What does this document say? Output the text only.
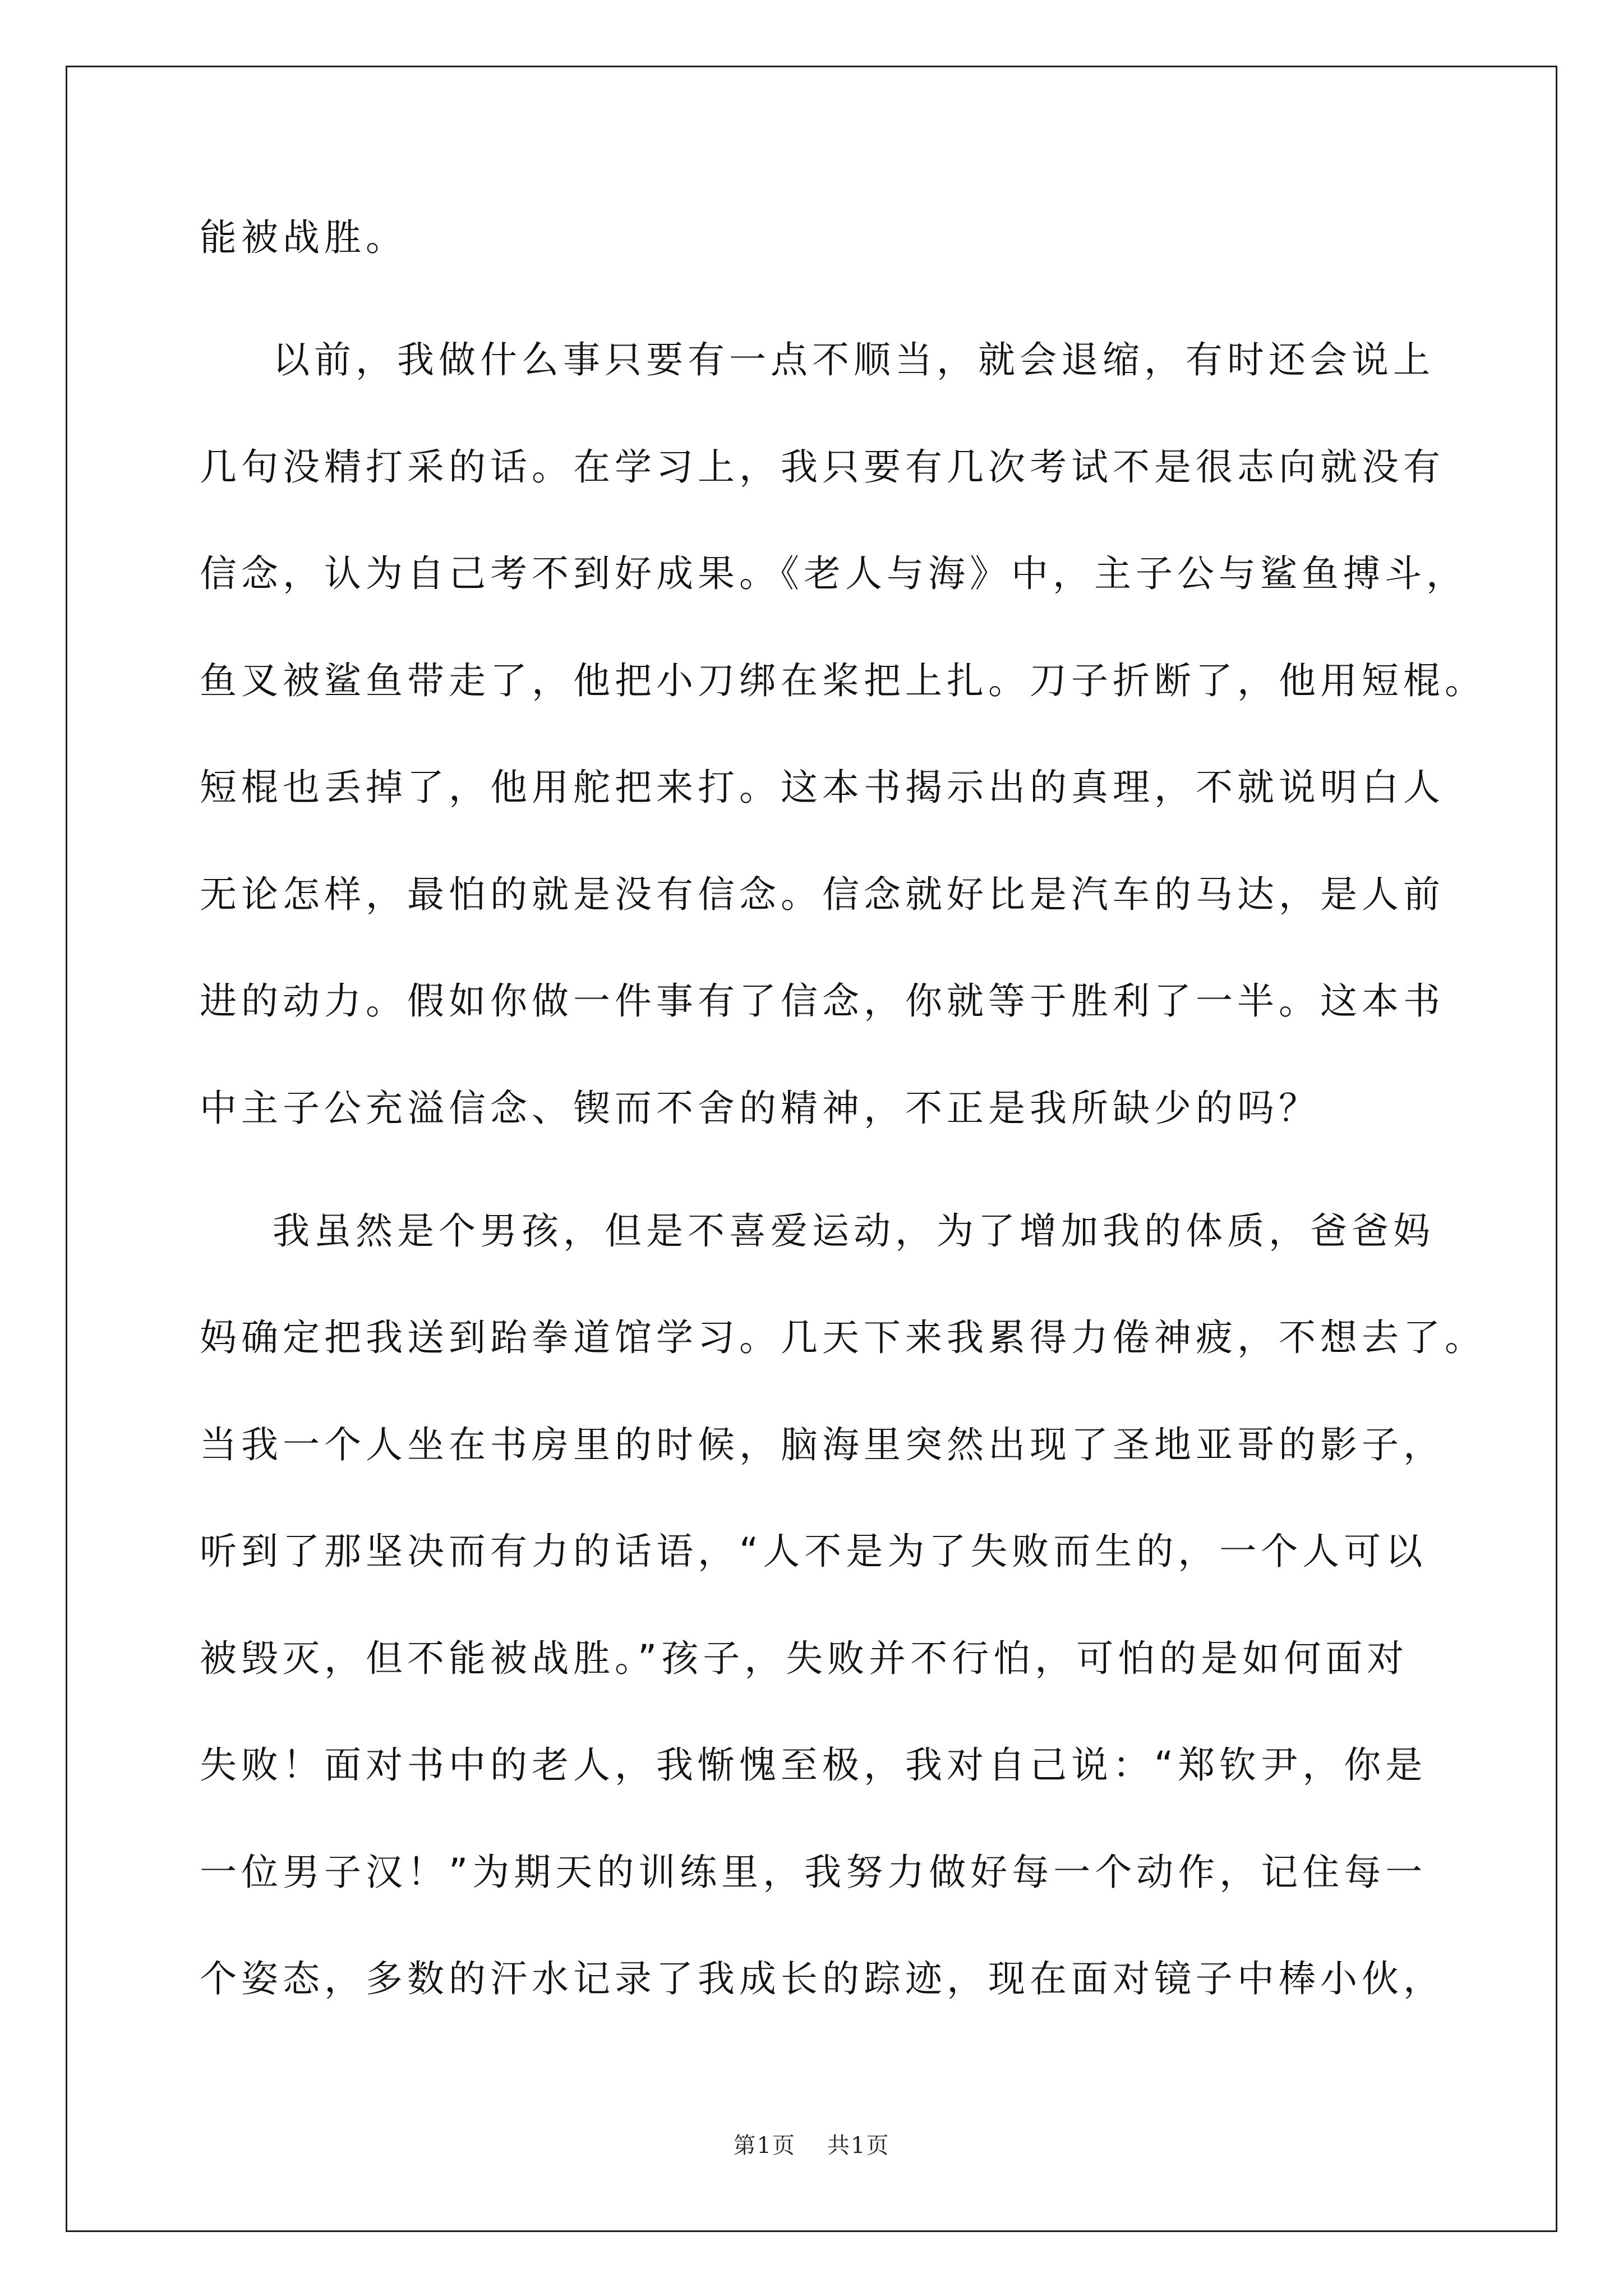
能被战胜。
以前，我做什么事只要有一点不顺当，就会退缩，有时还会说上
几句没精打采的话。在学习上，我只要有几次考试不是很志向就没有
信念，认为自己考不到好成果。《老人与海》中，主子公与鲨鱼搏斗，
鱼叉被鲨鱼带走了，他把小刀绑在桨把上扎。刀子折断了，他用短棍。
短棍也丢掉了，他用舵把来打。这本书揭示出的真理，不就说明白人
无论怎样，最怕的就是没有信念。信念就好比是汽车的马达，是人前
进的动力。假如你做一件事有了信念，你就等于胜利了一半。这本书
中主子公充溢信念、锲而不舍的精神，不正是我所缺少的吗？
我虽然是个男孩，但是不喜爱运动，为了增加我的体质，爸爸妈
妈确定把我送到跆拳道馆学习。几天下来我累得力倦神疲，不想去了。
当我一个人坐在书房里的时候，脑海里突然出现了圣地亚哥的影子，
听到了那坚决而有力的话语，“人不是为了失败而生的，一个人可以
被毁灭，但不能被战胜。”孩子，失败并不行怕，可怕的是如何面对
失败！面对书中的老人，我惭愧至极，我对自己说：“郑钦尹，你是
一位男子汉！”为期天的训练里，我努力做好每一个动作，记住每一
个姿态，多数的汗水记录了我成长的踪迹，现在面对镜子中棒小伙，
第1页 共1页
